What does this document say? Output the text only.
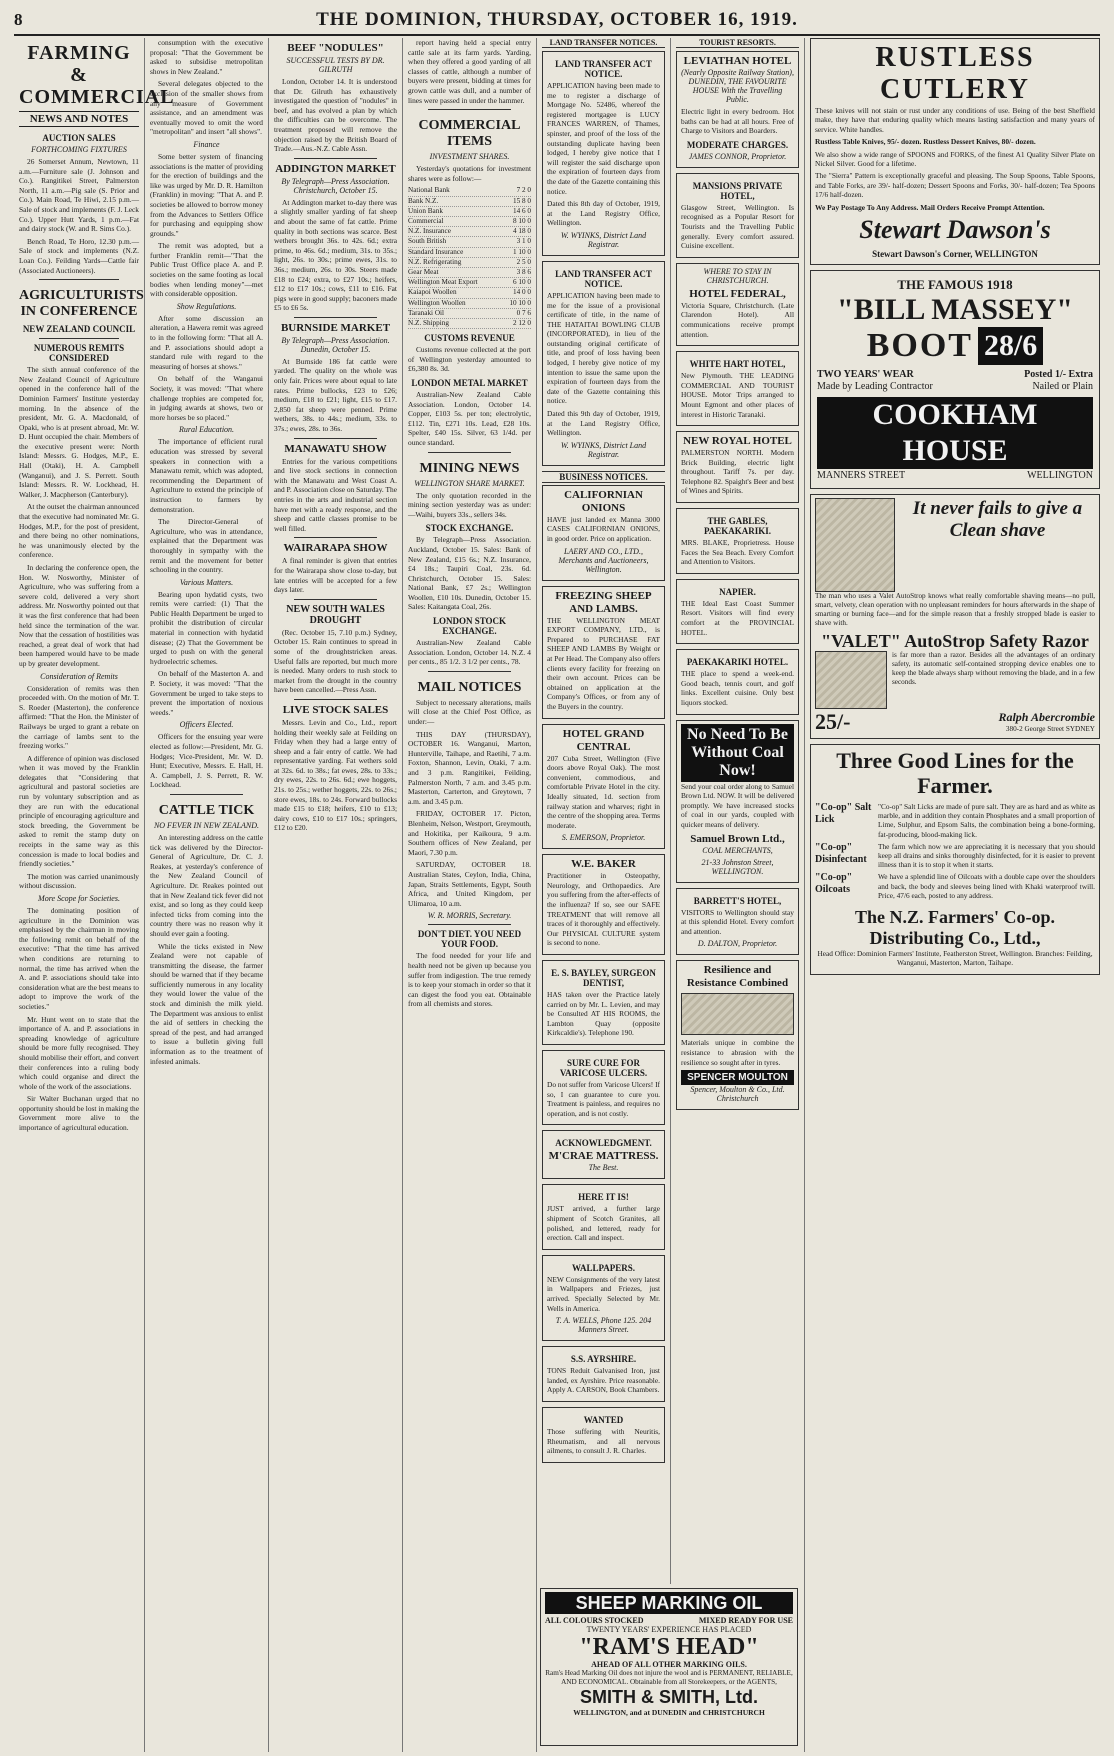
8	THE DOMINION, THURSDAY, OCTOBER 16, 1919.
FARMING & COMMERCIAL
NEWS AND NOTES
AUCTION SALES
FORTHCOMING FIXTURES

26 Somerset Annum, Newtown, 11 a.m.—Furniture sale (J. Johnson and Co.). Rangitikei Street, Palmerston North, 11 a.m.—Pig sale (S. Prior and Co.). Main Road, Te Hiwi, 2.15 p.m.—Sale of stock and implements (F. J. Leck Co.). Upper Hutt Yards, 1 p.m.—Fat and dairy stock (W. and R. Sims Co.).

Bench Road, Te Horo, 12.30 p.m.—Sale of stock and implements (N.Z. Loan Co.). Feilding Yards—Cattle fair (Associated Auctioneers).

AGRICULTURISTS IN CONFERENCE
NEW ZEALAND COUNCIL
NUMEROUS REMITS CONSIDERED

The sixth annual conference of the New Zealand Council of Agriculture opened in the conference hall of the Dominion Farmers' Institute yesterday morning. In the absence of the president, Mr. G. A. Macdonald, of Opaki, who is at present abroad, Mr. W. D. Hunt occupied the chair. Members of the executive present were: North Island: Messrs. G. Hodges, M.P., E. Hall (Otaki), H. A. Campbell (Wanganui), and J. S. Perrett. South Island: Messrs. R. W. Lockhead, H. Walker, J. Macpherson (Canterbury).

At the outset the chairman announced that the executive had nominated Mr. G. Hodges, M.P., for the post of president, and there being no other nominations, he was unanimously elected by the conference.

In declaring the conference open, the Hon. W. Nosworthy, Minister of Agriculture, who was suffering from a severe cold, delivered a very short address. Mr. Nosworthy pointed out that it was the first conference that had been held since the termination of the war. Now that the cessation of hostilities was reached, a great deal of work that had been hampered would have to be made up by greater development.

Consideration of Remits

Consideration of remits was then proceeded with. On the motion of Mr. T. S. Roeder (Masterton), the conference affirmed: "That the Hon. the Minister of Railways be urged to grant a rebate on the carriage of lambs sent to the freezing works."

A difference of opinion was disclosed when it was moved by the Franklin delegates that "Considering that agricultural and pastoral societies are run by voluntary subscription and as they are run with the educational principle of encouraging agriculture and stock breeding, the Government be asked to remit the stamp duty on receipts in the same way as this concession is made to local bodies and friendly societies."

The motion was carried unanimously without discussion.

More Scope for Societies.

The dominating position of agriculture in the Dominion was emphasised by the chairman in moving the following remit on behalf of the executive: "That the time has arrived when conditions are returning to normal, the time has arrived when the A. and P. associations should take into consideration what are the best means to adopt to improve the work of the societies."

Mr. Hunt went on to state that the importance of A. and P. associations in spreading knowledge of agriculture should be more fully recognised. They should mobilise their effort, and convert their conferences into a ruling body which could organise and direct the whole of the work of the associations.

Sir Walter Buchanan urged that no opportunity should be lost in making the Government more alive to the importance of agricultural education.

consumption with the executive proposal: "That the Government be asked to subsidise metropolitan shows in New Zealand."

Several delegates objected to the exclusion of the smaller shows from any measure of Government assistance, and an amendment was eventually moved to omit the word "metropolitan" and insert "all shows".

Finance

Some better system of financing associations is the matter of providing for the erection of buildings and the like was urged by Mr. D. R. Hamilton (Franklin) in moving: "That A. and P. societies be allowed to borrow money from the Advances to Settlers Office for purchasing and equipping show grounds."

The remit was adopted, but a further Franklin remit—"That the Public Trust Office place A. and P. societies on the same footing as local bodies when lending money"—met with considerable opposition.

Show Regulations.

After some discussion an alteration, a Hawera remit was agreed to in the following form: "That all A. and P. associations should adopt a standard rule with regard to the measuring of horses at shows."

On behalf of the Wanganui Society, it was moved: "That where challenge trophies are competed for, in judging awards at shows, two or more horses be so placed."

Rural Education.

The importance of efficient rural education was stressed by several speakers in connection with a Manawatu remit, which was adopted, recommending the Department of Agriculture to extend the principle of instruction to farmers by demonstration.

The Director-General of Agriculture, who was in attendance, explained that the Department was thoroughly in sympathy with the remit and the movement for better schooling in the country.

Various Matters.

Bearing upon hydatid cysts, two remits were carried: (1) That the Public Health Department be urged to prohibit the distribution of circular material in connection with hydatid disease; (2) That the Government be urged to push on with the general hydroelectric schemes.

On behalf of the Masterton A. and P. Society, it was moved: "That the Government be urged to take steps to prevent the importation of noxious weeds."

Officers Elected.

Officers for the ensuing year were elected as follow:—President, Mr. G. Hodges; Vice-President, Mr. W. D. Hunt; Executive, Messrs. E. Hall, H. A. Campbell, J. S. Perrett, R. W. Lockhead.

CATTLE TICK
NO FEVER IN NEW ZEALAND.

An interesting address on the cattle tick was delivered by the Director-General of Agriculture, Dr. C. J. Reakes, at yesterday's conference of the New Zealand Council of Agriculture. Dr. Reakes pointed out that in New Zealand tick fever did not exist, and so long as they could keep infected ticks from coming into the country there was no reason why it should ever gain a footing.

While the ticks existed in New Zealand were not capable of transmitting the disease, the farmer should be warned that if they became sufficiently numerous in any locality they would lower the value of the stock and diminish the milk yield. The Department was anxious to enlist the aid of settlers in checking the spread of the pest, and had arranged to issue a bulletin giving full information as to the treatment of infested animals.

BEEF "NODULES"
SUCCESSFUL TESTS BY DR. GILRUTH

London, October 14. It is understood that Dr. Gilruth has exhaustively investigated the question of "nodules" in beef, and has evolved a plan by which the difficulties can be overcome. The treatment proposed will remove the objection raised by the British Board of Trade.—Aus.-N.Z. Cable Assn.

ADDINGTON MARKET
By Telegraph—Press Association. Christchurch, October 15.

At Addington market to-day there was a slightly smaller yarding of fat sheep and about the same of fat cattle. Prime quality in both sections was scarce. Best wethers brought 36s. to 42s. 6d.; extra prime, to 46s. 6d.; medium, 31s. to 35s.; light, 26s. to 30s.; prime ewes, 31s. to 36s.; medium, 26s. to 30s. Steers made £18 to £24; extra, to £27 10s.; heifers, £12 to £17 10s.; cows, £11 to £16. Fat pigs were in good supply; baconers made £5 to £6 5s.

BURNSIDE MARKET
By Telegraph—Press Association. Dunedin, October 15.

At Burnside 186 fat cattle were yarded. The quality on the whole was only fair. Prices were about equal to late rates. Prime bullocks, £23 to £26; medium, £18 to £21; light, £15 to £17. 2,850 fat sheep were penned. Prime wethers, 38s. to 44s.; medium, 33s. to 37s.; ewes, 28s. to 36s.

MANAWATU SHOW

Entries for the various competitions and live stock sections in connection with the Manawatu and West Coast A. and P. Association close on Saturday. The entries in the arts and industrial section have met with a ready response, and the sheep and cattle classes promise to be well filled.

WAIRARAPA SHOW

A final reminder is given that entries for the Wairarapa show close to-day, but late entries will be accepted for a few days later.

NEW SOUTH WALES DROUGHT

(Rec. October 15, 7.10 p.m.) Sydney, October 15. Rain continues to spread in some of the droughtstricken areas. Useful falls are reported, but much more is needed. Many orders to rush stock to market from the drought in the country have been cancelled.—Press Assn.

LIVE STOCK SALES

Messrs. Levin and Co., Ltd., report holding their weekly sale at Feilding on Friday when they had a large entry of sheep and a fair entry of cattle. We had representative yarding. Fat wethers sold at 32s. 6d. to 38s.; fat ewes, 28s. to 33s.; dry ewes, 22s. to 26s. 6d.; ewe hoggets, 21s. to 25s.; wether hoggets, 22s. to 26s.; store ewes, 18s. to 24s. Forward bullocks made £15 to £18; heifers, £10 to £13; dairy cows, £10 to £17 10s.; springers, £12 to £20.

report having held a special entry cattle sale at its farm yards. Yarding, when they offered a good yarding of all classes of cattle, although a number of buyers were present, bidding at times for grown cattle was dull, and a number of lines were passed in under the hammer.

COMMERCIAL ITEMS
INVESTMENT SHARES.

Yesterday's quotations for investment shares were as follow:—

National Bank	7 2 0
Bank N.Z.	15 8 0
Union Bank	14 6 0
Commercial	8 10 0
N.Z. Insurance	4 18 0
South British	3 1 0
Standard Insurance	1 10 0
N.Z. Refrigerating	2 5 0
Gear Meat	3 8 6
Wellington Meat Export	6 10 0
Kaiapoi Woollen	14 0 0
Wellington Woollen	10 10 0
Taranaki Oil	0 7 6
N.Z. Shipping	2 12 0
CUSTOMS REVENUE

Customs revenue collected at the port of Wellington yesterday amounted to £6,380 8s. 3d.

LONDON METAL MARKET

Australian-New Zealand Cable Association. London, October 14. Copper, £103 5s. per ton; electrolytic, £112. Tin, £271 10s. Lead, £28 10s. Spelter, £40 15s. Silver, 63 1/4d. per ounce standard.

MINING NEWS
WELLINGTON SHARE MARKET.

The only quotation recorded in the mining section yesterday was as under:—Waihi, buyers 33s., sellers 34s.

STOCK EXCHANGE.

By Telegraph—Press Association. Auckland, October 15. Sales: Bank of New Zealand, £15 6s.; N.Z. Insurance, £4 18s.; Taupiri Coal, 23s. 6d. Christchurch, October 15. Sales: National Bank, £7 2s.; Wellington Woollen, £10 10s. Dunedin, October 15. Sales: Kaitangata Coal, 26s.

LONDON STOCK EXCHANGE.

Australian-New Zealand Cable Association. London, October 14. N.Z. 4 per cents., 85 1/2. 3 1/2 per cents., 78.

MAIL NOTICES

Subject to necessary alterations, mails will close at the Chief Post Office, as under:—

THIS DAY (THURSDAY), OCTOBER 16. Wanganui, Marton, Hunterville, Taihape, and Raetihi, 7 a.m. Foxton, Shannon, Levin, Otaki, 7 a.m. and 3 p.m. Rangitikei, Feilding, Palmerston North, 7 a.m. and 3.45 p.m. Masterton, Carterton, and Greytown, 7 a.m. and 3.45 p.m.

FRIDAY, OCTOBER 17. Picton, Blenheim, Nelson, Westport, Greymouth, and Hokitika, per Kaikoura, 9 a.m. Southern offices of New Zealand, per Maori, 7.30 p.m.

SATURDAY, OCTOBER 18. Australian States, Ceylon, India, China, Japan, Straits Settlements, Egypt, South Africa, and United Kingdom, per Ulimaroa, 10 a.m.

W. R. MORRIS, Secretary.
DON'T DIET. YOU NEED YOUR FOOD.

The food needed for your life and health need not be given up because you suffer from indigestion. The true remedy is to keep your stomach in order so that it can digest the food you eat. Obtainable from all chemists and stores.

LAND TRANSFER NOTICES.
LAND TRANSFER ACT NOTICE.

APPLICATION having been made to me to register a discharge of Mortgage No. 52486, whereof the registered mortgagee is LUCY FRANCES WARREN, of Thames, spinster, and proof of the loss of the outstanding duplicate having been lodged, I hereby give notice that I will register the said discharge upon the expiration of fourteen days from the date of the Gazette containing this notice.

Dated this 8th day of October, 1919, at the Land Registry Office, Wellington.

W. WYINKS, District Land Registrar.
LAND TRANSFER ACT NOTICE.

APPLICATION having been made to me for the issue of a provisional certificate of title, in the name of THE HATAITAI BOWLING CLUB (INCORPORATED), in lieu of the outstanding original certificate of title, and proof of loss having been lodged, I hereby give notice of my intention to issue the same upon the expiration of fourteen days from the date of the Gazette containing this notice.

Dated this 9th day of October, 1919, at the Land Registry Office, Wellington.

W. WYINKS, District Land Registrar.
BUSINESS NOTICES.
CALIFORNIAN ONIONS

HAVE just landed ex Manna 3000 CASES CALIFORNIAN ONIONS, in good order. Price on application.

LAERY AND CO., LTD., Merchants and Auctioneers, Wellington.
FREEZING SHEEP AND LAMBS.

THE WELLINGTON MEAT EXPORT COMPANY, LTD., is Prepared to PURCHASE FAT SHEEP AND LAMBS By Weight or at Per Head. The Company also offers clients every facility for freezing on their own account. Prices can be obtained on application at the Company's Offices, or from any of the Buyers in the country.

HOTEL GRAND CENTRAL

207 Cuba Street, Wellington (Five doors above Royal Oak). The most convenient, commodious, and comfortable Private Hotel in the city. Ideally situated, 1d. section from railway station and wharves; right in the centre of the shopping area. Terms moderate.

S. EMERSON, Proprietor.
W.E. BAKER

Practitioner in Osteopathy, Neurology, and Orthopaedics. Are you suffering from the after-effects of the influenza? If so, see our SAFE TREATMENT that will remove all traces of it thoroughly and effectively. Our PHYSICAL CULTURE system is second to none.

E. S. BAYLEY, SURGEON DENTIST,

HAS taken over the Practice lately carried on by Mr. L. Levien, and may be Consulted AT HIS ROOMS, the Lambton Quay (opposite Kirkcaldie's). Telephone 190.

SURE CURE FOR VARICOSE ULCERS.

Do not suffer from Varicose Ulcers! If so, I can guarantee to cure you. Treatment is painless, and requires no operation, and is not costly.

ACKNOWLEDGMENT.
M'CRAE MATTRESS.
The Best.
HERE IT IS!

JUST arrived, a further large shipment of Scotch Granites, all polished, and lettered, ready for erection. Call and inspect.

WALLPAPERS.

NEW Consignments of the very latest in Wallpapers and Friezes, just arrived. Specially Selected by Mr. Wells in America.

T. A. WELLS, Phone 125. 204 Manners Street.
S.S. AYRSHIRE.

TONS Reduit Galvanised Iron, just landed, ex Ayrshire. Price reasonable. Apply A. CARSON, Book Chambers.

WANTED

Those suffering with Neuritis, Rheumatism, and all nervous ailments, to consult J. R. Charles.

TOURIST RESORTS.
LEVIATHAN HOTEL
(Nearly Opposite Railway Station), DUNEDIN, THE FAVOURITE HOUSE With the Travelling Public.

Electric light in every bedroom. Hot baths can be had at all hours. Free of Charge to Visitors and Boarders.

MODERATE CHARGES.
JAMES CONNOR, Proprietor.
MANSIONS PRIVATE HOTEL,

Glasgow Street, Wellington. Is recognised as a Popular Resort for Tourists and the Travelling Public generally. Every comfort assured. Cuisine excellent.

WHERE TO STAY IN CHRISTCHURCH.
HOTEL FEDERAL,

Victoria Square, Christchurch. (Late Clarendon Hotel). All communications receive prompt attention.

WHITE HART HOTEL,

New Plymouth. THE LEADING COMMERCIAL AND TOURIST HOUSE. Motor Trips arranged to Mount Egmont and other places of interest in Historic Taranaki.

NEW ROYAL HOTEL

PALMERSTON NORTH. Modern Brick Building, electric light throughout. Tariff 7s. per day. Telephone 82. Spaight's Beer and best of Wines and Spirits.

THE GABLES, PAEKAKARIKI.

MRS. BLAKE, Proprietress. House Faces the Sea Beach. Every Comfort and Attention to Visitors.

NAPIER.

THE Ideal East Coast Summer Resort. Visitors will find every comfort at the PROVINCIAL HOTEL.

PAEKAKARIKI HOTEL.

THE place to spend a week-end. Good beach, tennis court, and golf links. Excellent cuisine. Only best liquors stocked.

No Need To Be Without Coal Now!

Send your coal order along to Samuel Brown Ltd. NOW. It will be delivered promptly. We have increased stocks of coal in our yards, coupled with quicker means of delivery.

Samuel Brown Ltd.,
COAL MERCHANTS,
21-33 Johnston Street, WELLINGTON.
BARRETT'S HOTEL,

VISITORS to Wellington should stay at this splendid Hotel. Every comfort and attention.

D. DALTON, Proprietor.
Resilience and Resistance Combined

Materials unique in combine the resistance to abrasion with the resilience so sought after in tyres.

SPENCER MOULTON
Spencer, Moulton & Co., Ltd. Christchurch
RUSTLESS CUTLERY

These knives will not stain or rust under any conditions of use. Being of the best Sheffield make, they have that enduring quality which means lasting satisfaction and many years of service. White handles.

Rustless Table Knives, 95/- dozen. Rustless Dessert Knives, 80/- dozen.

We also show a wide range of SPOONS and FORKS, of the finest A1 Quality Silver Plate on Nickel Silver. Good for a lifetime.

The "Sierra" Pattern is exceptionally graceful and pleasing. The Soup Spoons, Table Spoons, and Table Forks, are 39/- half-dozen; Dessert Spoons and Forks, 30/- half-dozen; Tea Spoons 17/6 half-dozen.

We Pay Postage To Any Address. Mail Orders Receive Prompt Attention.

Stewart Dawson's
Stewart Dawson's Corner, WELLINGTON
THE FAMOUS 1918
"BILL MASSEY"
BOOT 28/6
TWO YEARS' WEAR
Made by Leading Contractor
Posted 1/- Extra
Nailed or Plain
COOKHAM HOUSE
MANNERS STREET	WELLINGTON
It never fails to give a Clean shave

The man who uses a Valet AutoStrop knows what really comfortable shaving means—no pull, smart, velvety, clean operation with no unpleasant reminders for hours afterwards in the shape of smarting or burning face—and for the simple reason that a freshly stropped blade is easier to shave with.

"VALET" AutoStrop Safety Razor

is far more than a razor. Besides all the advantages of an ordinary safety, its automatic self-contained stropping device enables one to keep the blade always sharp without removing the blade, and in a few seconds.

25/-	Ralph Abercrombie
380-2 George Street SYDNEY
Three Good Lines for the Farmer.
"Co-op" Salt Lick

"Co-op" Salt Licks are made of pure salt. They are as hard and as white as marble, and in addition they contain Phosphates and a small proportion of Lime, Sulphur, and Epsom Salts, the combination being a bone-forming, fat-producing, blood-making lick.

"Co-op" Disinfectant

The farm which now we are appreciating it is necessary that you should keep all drains and sinks thoroughly disinfected, for it is easier to prevent illness than it is to stop it when it starts.

"Co-op" Oilcoats

We have a splendid line of Oilcoats with a double cape over the shoulders and back, the body and sleeves being lined with Khaki waterproof twill. Price, 47/6 each, posted to any address.

The N.Z. Farmers' Co-op. Distributing Co., Ltd.,

Head Office: Dominion Farmers' Institute, Featherston Street, Wellington. Branches: Feilding, Wanganui, Masterton, Marton, Taihape.

SHEEP MARKING OIL
ALL COLOURS STOCKED	MIXED READY FOR USE
TWENTY YEARS' EXPERIENCE HAS PLACED
"RAM'S HEAD"
AHEAD OF ALL OTHER MARKING OILS.
Ram's Head Marking Oil does not injure the wool and is PERMANENT, RELIABLE, AND ECONOMICAL. Obtainable from all Storekeepers, or the AGENTS,
SMITH & SMITH, Ltd.
WELLINGTON, and at DUNEDIN and CHRISTCHURCH
